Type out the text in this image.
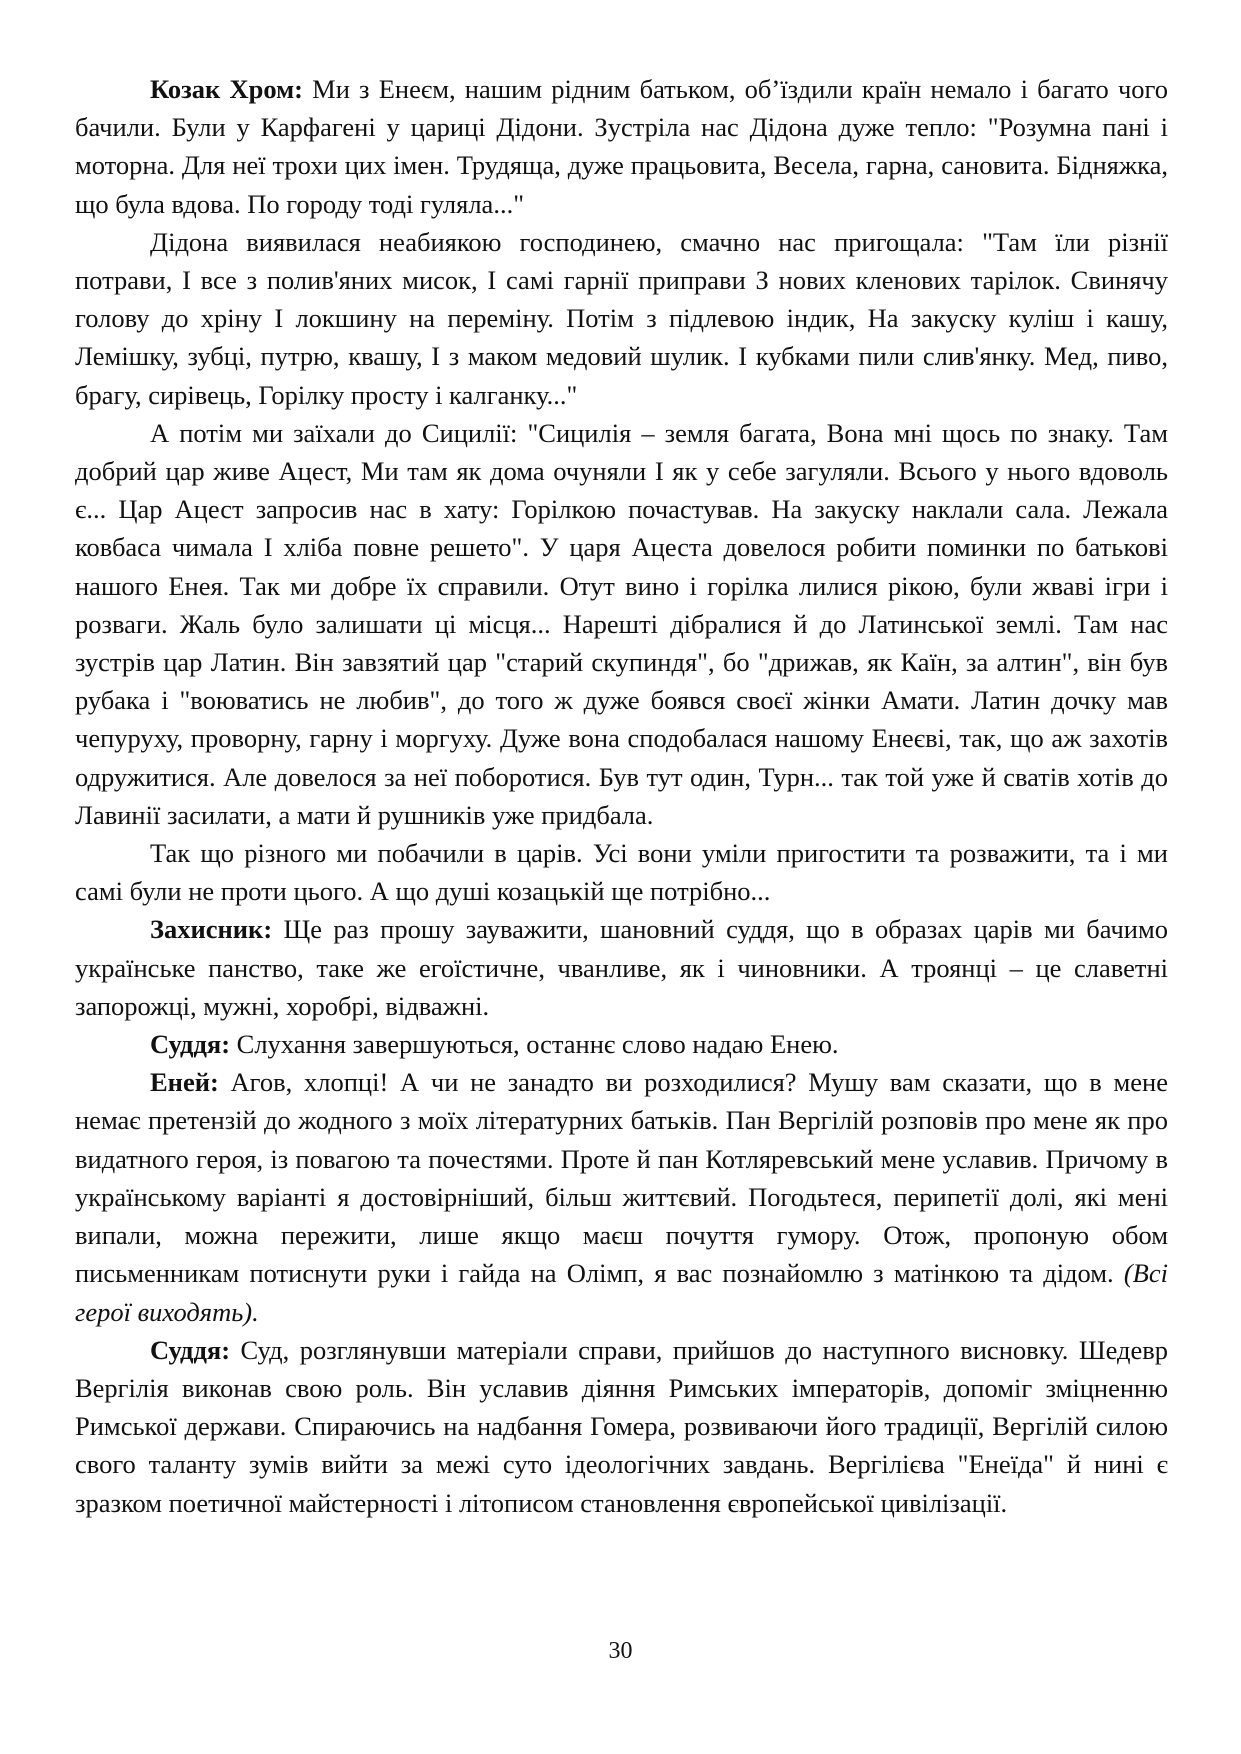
Козак Хром: Ми з Енеєм, нашим рідним батьком, об’їздили країн немало і багато чого бачили. Були у Карфагені у цариці Дідони. Зустріла нас Дідона дуже тепло: "Розумна пані і моторна. Для неї трохи цих імен. Трудяща, дуже працьовита, Весела, гарна, сановита. Бідняжка, що була вдова. По городу тоді гуляла..."

Дідона виявилася неабиякою господинею, смачно нас пригощала: "Там їли різнії потрави, І все з полив'яних мисок, І самі гарнії приправи З нових кленових тарілок. Свинячу голову до хріну І локшину на переміну. Потім з підлевою індик, На закуску куліш і кашу, Лемішку, зубці, путрю, квашу, І з маком медовий шулик. І кубками пили слив'янку. Мед, пиво, брагу, сирівець, Горілку просту і калганку..."

А потім ми заїхали до Сицилії: "Сицилія – земля багата, Вона мні щось по знаку. Там добрий цар живе Ацест, Ми там як дома очуняли І як у себе загуляли. Всього у нього вдоволь є... Цар Ацест запросив нас в хату: Горілкою почастував. На закуску наклали сала. Лежала ковбаса чимала І хліба повне решето". У царя Ацеста довелося робити поминки по батькові нашого Енея. Так ми добре їх справили. Отут вино і горілка лилися рікою, були жваві ігри і розваги. Жаль було залишати ці місця... Нарешті дібралися й до Латинської землі. Там нас зустрів цар Латин. Він завзятий цар "старий скупиндя", бо "дрижав, як Каїн, за алтин", він був рубака і "воюватись не любив", до того ж дуже боявся своєї жінки Амати. Латин дочку мав чепуруху, проворну, гарну і моргуху. Дуже вона сподобалася нашому Енеєві, так, що аж захотів одружитися. Але довелося за неї поборотися. Був тут один, Турн... так той уже й сватів хотів до Лавинії засилати, а мати й рушників уже придбала.

Так що різного ми побачили в царів. Усі вони уміли пригостити та розважити, та і ми самі були не проти цього. А що душі козацькій ще потрібно...

Захисник: Ще раз прошу зауважити, шановний суддя, що в образах царів ми бачимо українське панство, таке же егоїстичне, чванливе, як і чиновники. А троянці – це славетні запорожці, мужні, хоробрі, відважні.

Суддя: Слухання завершуються, останнє слово надаю Енею.

Еней: Агов, хлопці! А чи не занадто ви розходилися? Мушу вам сказати, що в мене немає претензій до жодного з моїх літературних батьків. Пан Вергілій розповів про мене як про видатного героя, із повагою та почестями. Проте й пан Котляревський мене уславив. Причому в українському варіанті я достовірніший, більш життєвий. Погодьтеся, перипетії долі, які мені випали, можна пережити, лише якщо маєш почуття гумору. Отож, пропоную обом письменникам потиснути руки і гайда на Олімп, я вас познайомлю з матінкою та дідом. (Всі герої виходять).

Суддя: Суд, розглянувши матеріали справи, прийшов до наступного висновку. Шедевр Вергілія виконав свою роль. Він уславив діяння Римських імператорів, допоміг зміцненню Римської держави. Спираючись на надбання Гомера, розвиваючи його традиції, Вергілій силою свого таланту зумів вийти за межі суто ідеологічних завдань. Вергілієва "Енеїда" й нині є зразком поетичної майстерності і літописом становлення європейської цивілізації.

30
